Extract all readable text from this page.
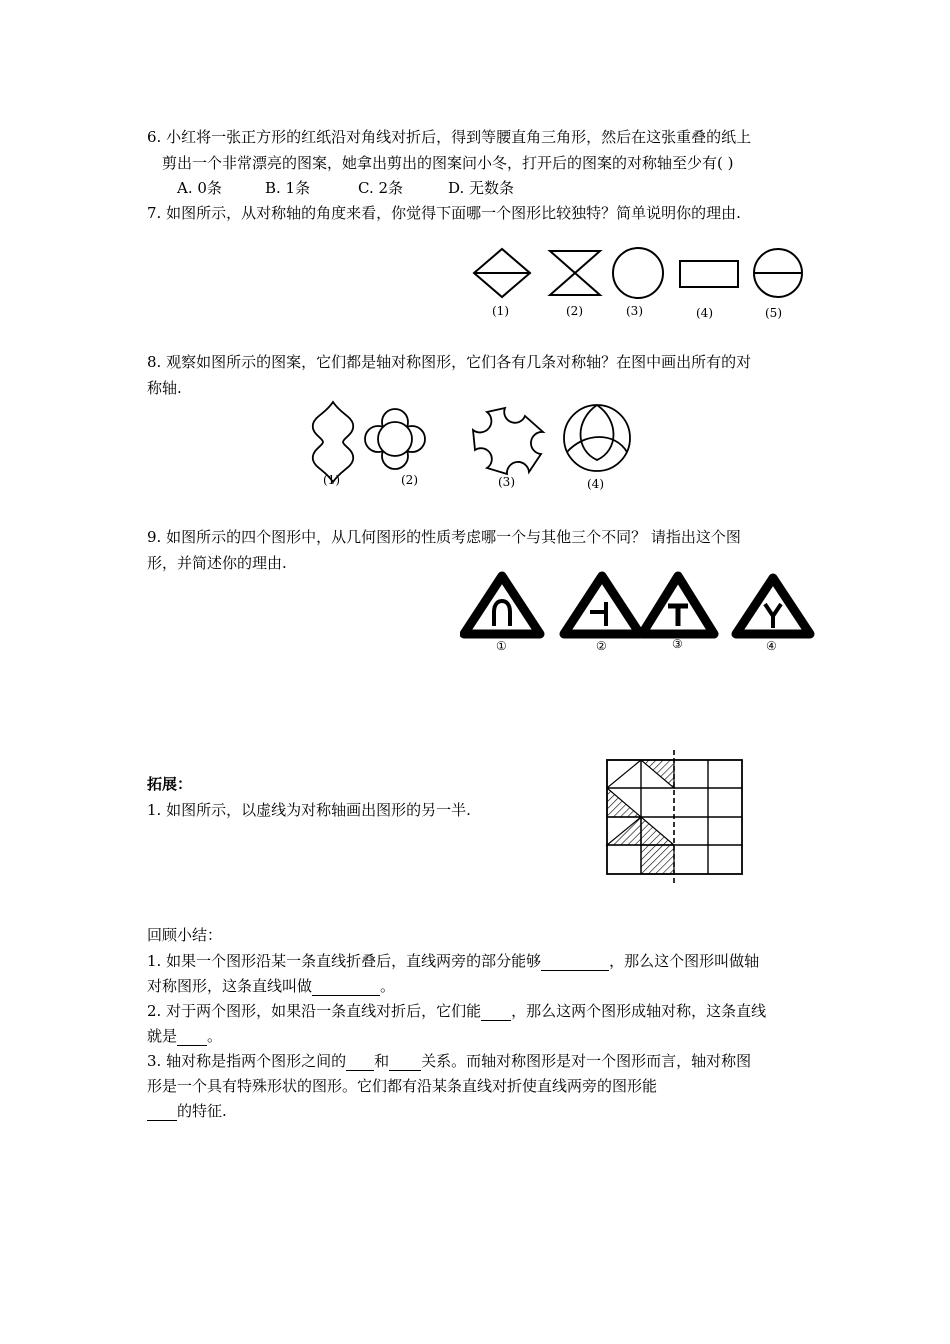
6. 小红将一张正方形的红纸沿对角线对折后，得到等腰直角三角形，然后在这张重叠的纸上
剪出一个非常漂亮的图案，她拿出剪出的图案问小冬，打开后的图案的对称轴至少有( )
A. 0条	B. 1条	C. 2条	D. 无数条
7. 如图所示，从对称轴的角度来看，你觉得下面哪一个图形比较独特？简单说明你的理由.
(1)	(2)	(3)	(4)	(5)
8. 观察如图所示的图案，它们都是轴对称图形，它们各有几条对称轴？在图中画出所有的对
称轴.
(1)	(2)	(3)	(4)
9. 如图所示的四个图形中，从几何图形的性质考虑哪一个与其他三个不同？ 请指出这个图
形，并简述你的理由.
①	②	③	④
拓展：
1. 如图所示，以虚线为对称轴画出图形的另一半.
回顾小结：
1. 如果一个图形沿某一条直线折叠后，直线两旁的部分能够	，那么这个图形叫做轴
对称图形，这条直线叫做	。
2. 对于两个图形，如果沿一条直线对折后，它们能 ，那么这两个图形成轴对称，这条直线
就是 。
3. 轴对称是指两个图形之间的 和 关系。而轴对称图形是对一个图形而言，轴对称图
形是一个具有特殊形状的图形。它们都有沿某条直线对折使直线两旁的图形能
的特征.
